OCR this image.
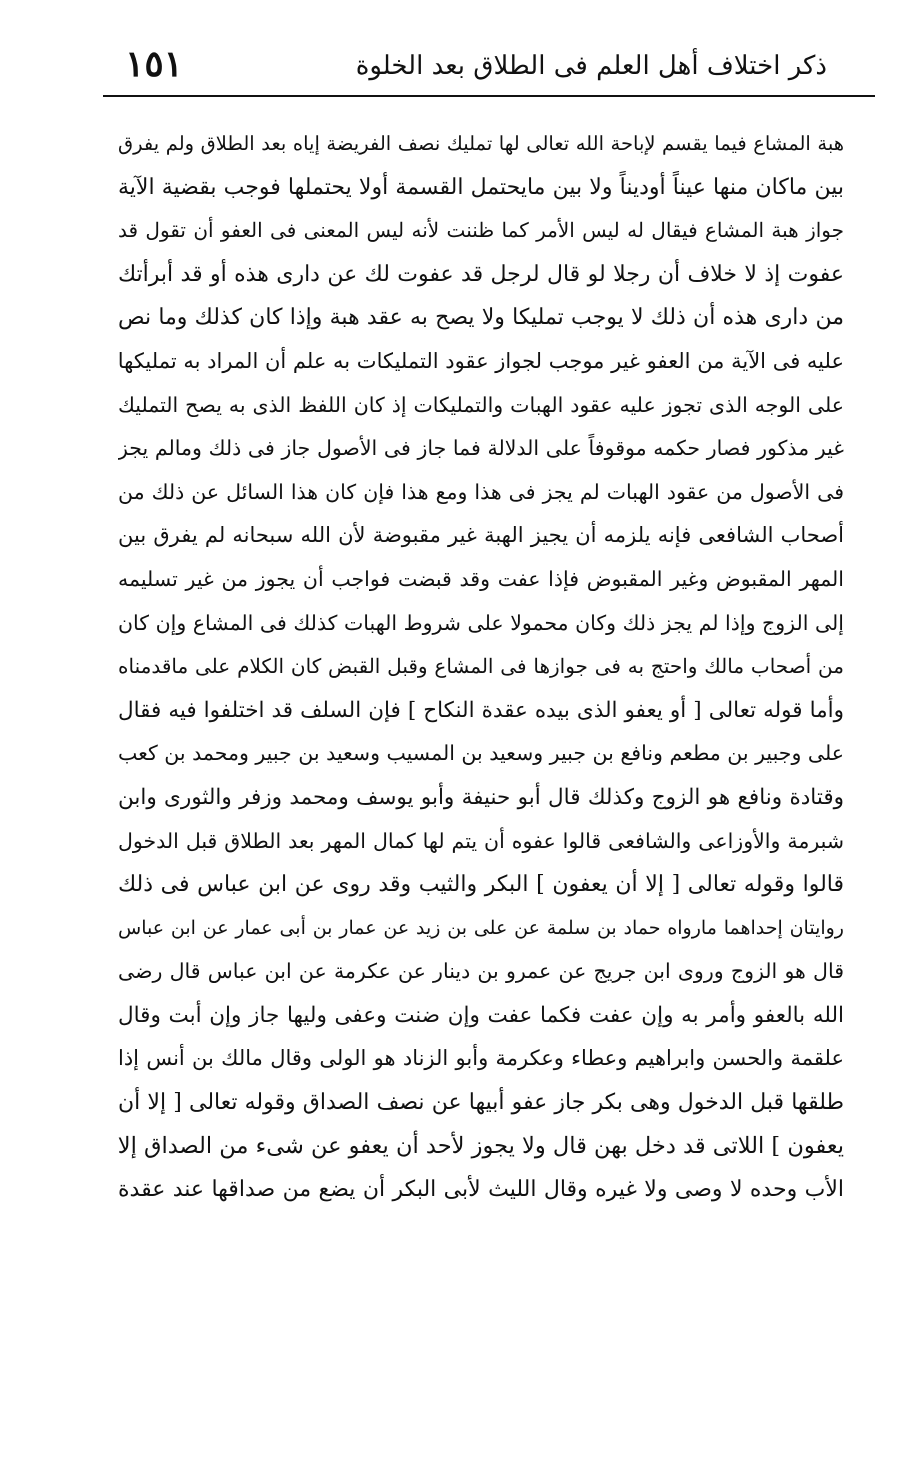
ذكر اختلاف أهل العلم فى الطلاق بعد الخلوة
١٥١
هبة المشاع فيما يقسم لإباحة الله تعالى لها تمليك نصف الفريضة إياه بعد الطلاق ولم يفرق
بين ماكان منها عيناً أوديناً ولا بين مايحتمل القسمة أولا يحتملها فوجب بقضية الآية
جواز هبة المشاع فيقال له ليس الأمر كما ظننت لأنه ليس المعنى فى العفو أن تقول قد
عفوت إذ لا خلاف أن رجلا لو قال لرجل قد عفوت لك عن دارى هذه أو قد أبرأتك
من دارى هذه أن ذلك لا يوجب تمليكا ولا يصح به عقد هبة وإذا كان كذلك وما نص
عليه فى الآية من العفو غير موجب لجواز عقود التمليكات به علم أن المراد به تمليكها
على الوجه الذى تجوز عليه عقود الهبات والتمليكات إذ كان اللفظ الذى به يصح التمليك
غير مذكور فصار حكمه موقوفاً على الدلالة فما جاز فى الأصول جاز فى ذلك ومالم يجز
فى الأصول من عقود الهبات لم يجز فى هذا ومع هذا فإن كان هذا السائل عن ذلك من
أصحاب الشافعى فإنه يلزمه أن يجيز الهبة غير مقبوضة لأن الله سبحانه لم يفرق بين
المهر المقبوض وغير المقبوض فإذا عفت وقد قبضت فواجب أن يجوز من غير تسليمه
إلى الزوج وإذا لم يجز ذلك وكان محمولا على شروط الهبات كذلك فى المشاع وإن كان
من أصحاب مالك واحتج به فى جوازها فى المشاع وقبل القبض كان الكلام على ماقدمناه
وأما قوله تعالى [ أو يعفو الذى بيده عقدة النكاح ] فإن السلف قد اختلفوا فيه فقال
على وجبير بن مطعم ونافع بن جبير وسعيد بن المسيب وسعيد بن جبير ومحمد بن كعب
وقتادة ونافع هو الزوج وكذلك قال أبو حنيفة وأبو يوسف ومحمد وزفر والثورى وابن
شبرمة والأوزاعى والشافعى قالوا عفوه أن يتم لها كمال المهر بعد الطلاق قبل الدخول
قالوا وقوله تعالى [ إلا أن يعفون ] البكر والثيب وقد روى عن ابن عباس فى ذلك
روايتان إحداهما مارواه حماد بن سلمة عن على بن زيد عن عمار بن أبى عمار عن ابن عباس
قال هو الزوج وروى ابن جريج عن عمرو بن دينار عن عكرمة عن ابن عباس قال رضى
الله بالعفو وأمر به وإن عفت فكما عفت وإن ضنت وعفى وليها جاز وإن أبت وقال
علقمة والحسن وابراهيم وعطاء وعكرمة وأبو الزناد هو الولى وقال مالك بن أنس إذا
طلقها قبل الدخول وهى بكر جاز عفو أبيها عن نصف الصداق وقوله تعالى [ إلا أن
يعفون ] اللاتى قد دخل بهن قال ولا يجوز لأحد أن يعفو عن شىء من الصداق إلا
الأب وحده لا وصى ولا غيره وقال الليث لأبى البكر أن يضع من صداقها عند عقدة
